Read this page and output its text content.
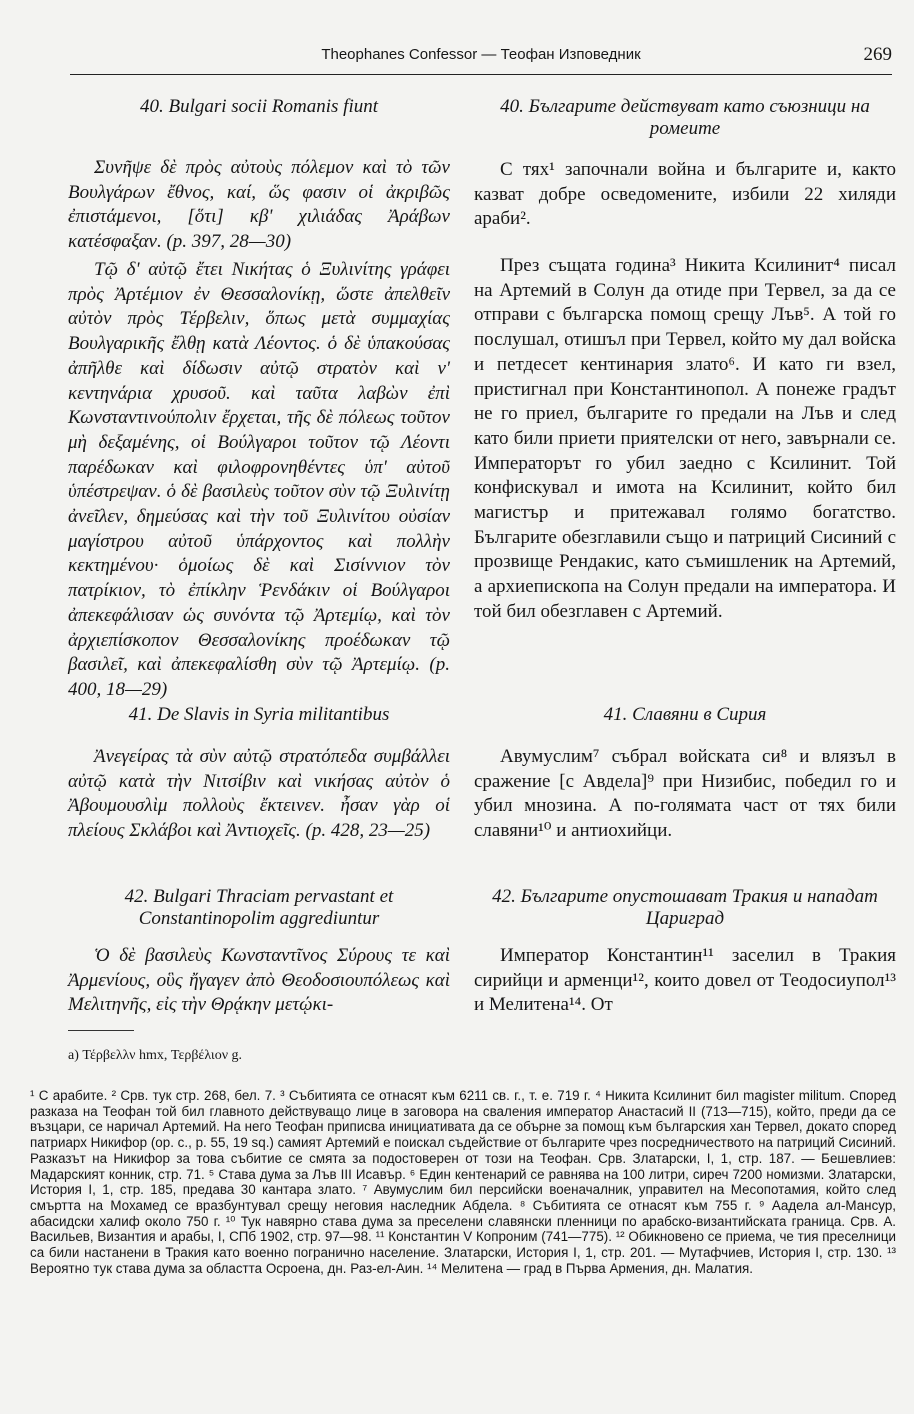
Theophanes Confessor — Теофан Изповедник	269
40. Bulgari socii Romanis fiunt
Συνῆψε δὲ πρὸς αὐτοὺς πόλεμον καὶ τὸ τῶν Βουλγάρων ἔθνος, καί, ὥς φασιν οἱ ἀκριβῶς ἐπιστάμενοι, [ὅτι] κβ' χιλιάδας Ἀράβων κατέσφαξαν. (p. 397, 28—30)
Τῷ δ' αὐτῷ ἔτει Νικήτας ὁ Ξυλινίτης γράφει πρὸς Ἀρτέμιον ἐν Θεσσαλονίκῃ, ὥστε ἀπελθεῖν αὐτὸν πρὸς Τέρβελιν, ὅπως μετὰ συμμαχίας Βουλγαρικῆς ἔλθῃ κατὰ Λέοντος. ὁ δὲ ὑπακούσας ἀπῆλθε καὶ δίδωσιν αὐτῷ στρατὸν καὶ ν' κεντηνάρια χρυσοῦ. καὶ ταῦτα λαβὼν ἐπὶ Κωνσταντινούπολιν ἔρχεται, τῆς δὲ πόλεως τοῦτον μὴ δεξαμένης, οἱ Βούλγαροι τοῦτον τῷ Λέοντι παρέδωκαν καὶ φιλοφρονηθέντες ὑπ' αὐτοῦ ὑπέστρεψαν. ὁ δὲ βασιλεὺς τοῦτον σὺν τῷ Ξυλινίτῃ ἀνεῖλεν, δημεύσας καὶ τὴν τοῦ Ξυλινίτου οὐσίαν μαγίστρου αὐτοῦ ὑπάρχοντος καὶ πολλὴν κεκτημένου· ὁμοίως δὲ καὶ Σισίννιον τὸν πατρίκιον, τὸ ἐπίκλην Ῥενδάκιν οἱ Βούλγαροι ἀπεκεφάλισαν ὡς συνόντα τῷ Ἀρτεμίῳ, καὶ τὸν ἀρχιεπίσκοπον Θεσσαλονίκης προέδωκαν τῷ βασιλεῖ, καὶ ἀπεκεφαλίσθη σὺν τῷ Ἀρτεμίῳ. (p. 400, 18—29)
41. De Slavis in Syria militantibus
Ἀνεγείρας τὰ σὺν αὐτῷ στρατόπεδα συμβάλλει αὐτῷ κατὰ τὴν Νιτσίβιν καὶ νικήσας αὐτὸν ὁ Ἀβουμουσλὶμ πολλοὺς ἔκτεινεν. ἦσαν γὰρ οἱ πλείους Σκλάβοι καὶ Ἀντιοχεῖς. (p. 428, 23—25)
42. Bulgari Thraciam pervastant et Constantinopolim aggrediuntur
Ὁ δὲ βασιλεὺς Κωνσταντῖνος Σύρους τε καὶ Ἀρμενίους, οὓς ἤγαγεν ἀπὸ Θεοδοσιουπόλεως καὶ Μελιτηνῆς, εἰς τὴν Θρᾴκην μετῴκι-
a) Τέρβελλν hmx, Τερβέλιον g.
40. Българите действуват като съюзници на ромеите
С тях¹ започнали война и българите и, както казват добре осведомените, избили 22 хиляди араби².
През същата година³ Никита Ксилинит⁴ писал на Артемий в Солун да отиде при Тервел, за да се отправи с българска помощ срещу Лъв⁵. А той го послушал, отишъл при Тервел, който му дал войска и петдесет кентинария злато⁶. И като ги взел, пристигнал при Константинопол. А понеже градът не го приел, българите го предали на Лъв и след като били приети приятелски от него, завърнали се. Императорът го убил заедно с Ксилинит. Той конфискувал и имота на Ксилинит, който бил магистър и притежавал голямо богатство. Българите обезглавили също и патриций Сисиний с прозвище Рендакис, като съмишленик на Артемий, а архиепископа на Солун предали на императора. И той бил обезглавен с Артемий.
41. Славяни в Сирия
Авумуслим⁷ събрал войската си⁸ и влязъл в сражение [с Авдела]⁹ при Низибис, победил го и убил мнозина. А по-голямата част от тях били славяни¹⁰ и антиохийци.
42. Българите опустошават Тракия и нападат Цариград
Император Константин¹¹ заселил в Тракия сирийци и арменци¹², които довел от Теодосиупол¹³ и Мелитена¹⁴. От
¹ С арабите. ² Срв. тук стр. 268, бел. 7. ³ Събитията се отнасят към 6211 св. г., т. е. 719 г. ⁴ Никита Ксилинит бил magister militum. Според разказа на Теофан той бил главното действуващо лице в заговора на сваления император Анастасий II (713—715), който, преди да се възцари, се наричал Артемий. На него Теофан приписва инициативата да се обърне за помощ към българския хан Тервел, докато според патриарх Никифор (op. c., p. 55, 19 sq.) самият Артемий е поискал съдействие от българите чрез посредничеството на патриций Сисиний. Разказът на Никифор за това събитие се смята за подостоверен от този на Теофан. Срв. Златарски, I, 1, стр. 187. — Бешевлиев: Мадарският конник, стр. 71. ⁵ Става дума за Лъв III Исавър. ⁶ Един кентенарий се равнява на 100 литри, сиреч 7200 номизми. Златарски, История I, 1, стр. 185, предава 30 кантара злато. ⁷ Авумуслим бил персийски военачалник, управител на Месопотамия, който след смъртта на Мохамед се вразбунтувал срещу неговия наследник Абдела. ⁸ Събитията се отнасят към 755 г. ⁹ Аадела ал-Мансур, абасидски халиф около 750 г. ¹⁰ Тук навярно става дума за преселени славянски пленници по арабско-византийската граница. Срв. А. Васильев, Византия и арабы, I, СПб 1902, стр. 97—98. ¹¹ Константин V Копроним (741—775). ¹² Обикновено се приема, че тия преселници са били настанени в Тракия като военно погранично население. Златарски, История I, 1, стр. 201. — Мутафчиев, История I, стр. 130. ¹³ Вероятно тук става дума за областта Осроена, дн. Раз-ел-Аин. ¹⁴ Мелитена — град в Първа Армения, дн. Малатия.
